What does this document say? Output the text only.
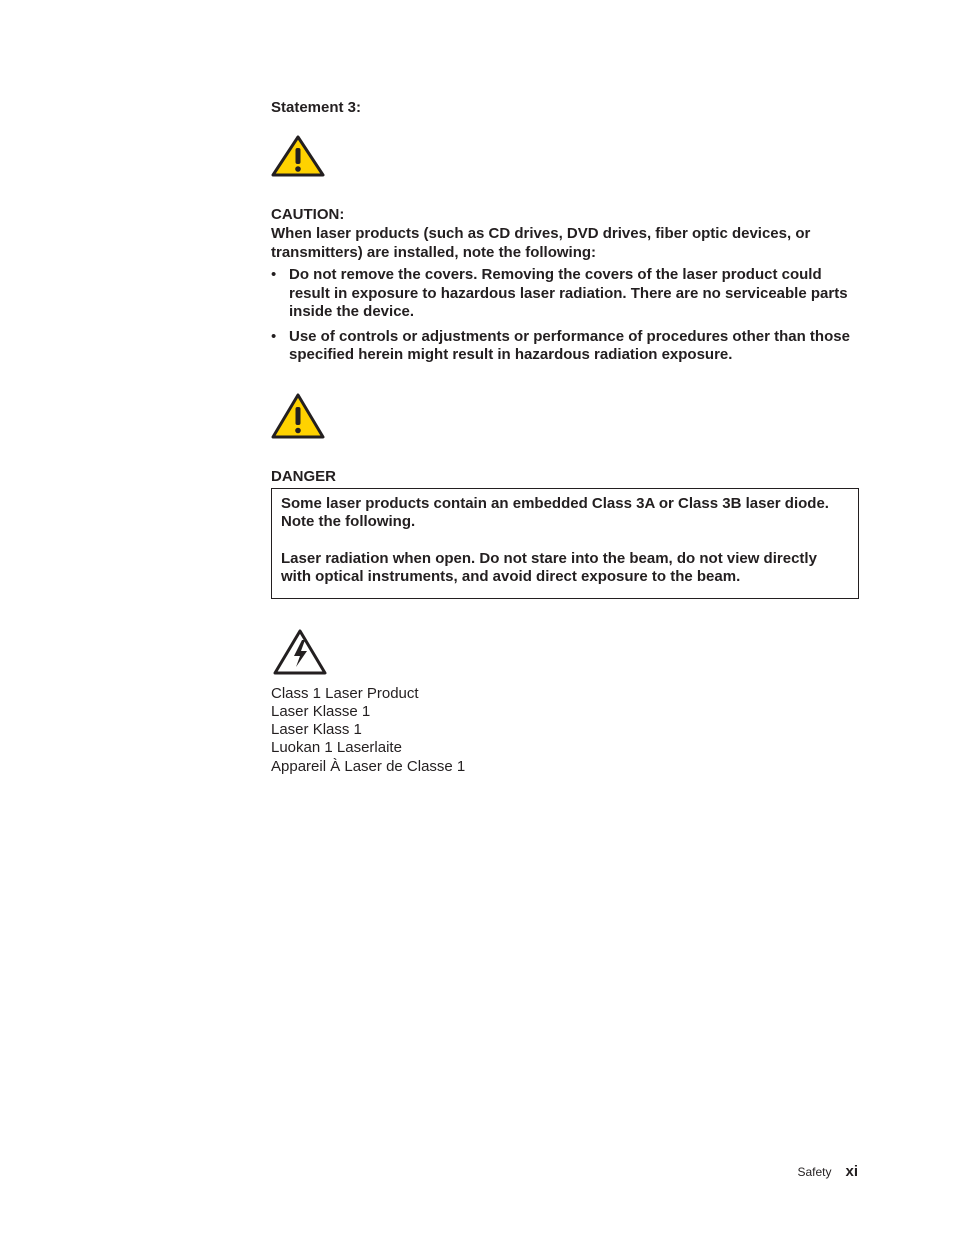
Statement 3:

CAUTION:

When laser products (such as CD drives, DVD drives, fiber optic devices, or transmitters) are installed, note the following:

• Do not remove the covers. Removing the covers of the laser product could result in exposure to hazardous laser radiation. There are no serviceable parts inside the device.
• Use of controls or adjustments or performance of procedures other than those specified herein might result in hazardous radiation exposure.
DANGER

Some laser products contain an embedded Class 3A or Class 3B laser diode. Note the following.

Laser radiation when open. Do not stare into the beam, do not view directly with optical instruments, and avoid direct exposure to the beam.

Class 1 Laser Product
Laser Klasse 1
Laser Klass 1
Luokan 1 Laserlaite
Appareil À Laser de Classe 1
Safety xi
